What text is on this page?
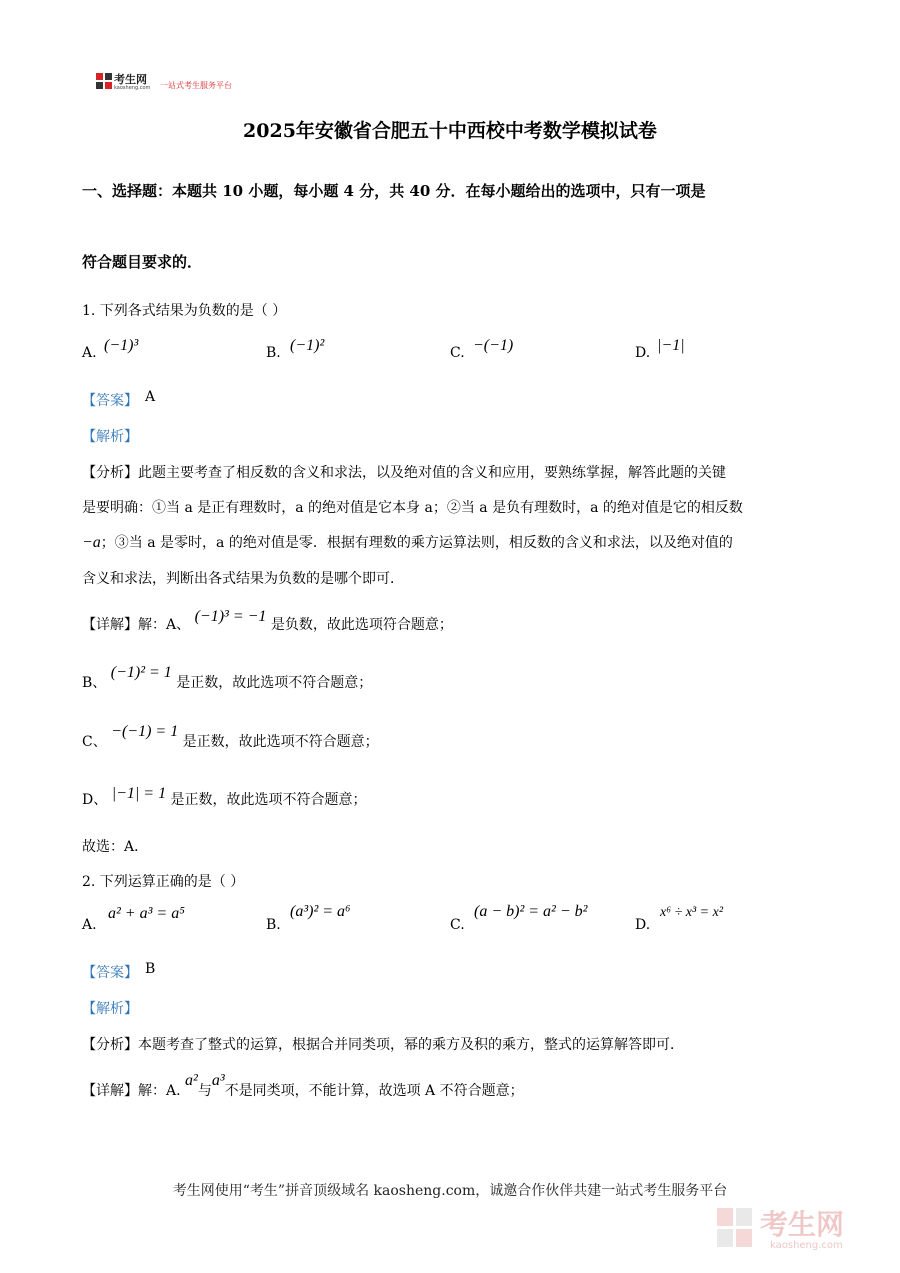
考生网
kaosheng.com 一站式考生服务平台
2025年安徽省合肥五十中西校中考数学模拟试卷
一、选择题：本题共 10 小题，每小题 4 分，共 40 分．在每小题给出的选项中，只有一项是
符合题目要求的．
1. 下列各式结果为负数的是（ ）
A. (−1)³	B. (−1)²	C. −(−1)	D. |−1|
【答案】 A
【解析】
【分析】此题主要考查了相反数的含义和求法，以及绝对值的含义和应用，要熟练掌握，解答此题的关键
是要明确：①当 a 是正有理数时，a 的绝对值是它本身 a；②当 a 是负有理数时，a 的绝对值是它的相反数
−a；③当 a 是零时，a 的绝对值是零．根据有理数的乘方运算法则，相反数的含义和求法，以及绝对值的
含义和求法，判断出各式结果为负数的是哪个即可．
【详解】解：A、 (−1)³ = −1 是负数，故此选项符合题意；
B、 (−1)² = 1 是正数，故此选项不符合题意；
C、 −(−1) = 1 是正数，故此选项不符合题意；
D、 |−1| = 1 是正数，故此选项不符合题意；
故选：A．
2. 下列运算正确的是（ ）
A.
a² + a³ = a⁵
B.
(a³)² = a⁶
C.
(a − b)² = a² − b²
D.
x⁶ ÷ x³ = x²
【答案】 B
【解析】
【分析】本题考查了整式的运算，根据合并同类项，幂的乘方及积的乘方，整式的运算解答即可．
【详解】解：A. a²与a³不是同类项，不能计算，故选项 A 不符合题意；
考生网使用“考生”拼音顶级域名 kaosheng.com，诚邀合作伙伴共建一站式考生服务平台
考生网
kaosheng.com
